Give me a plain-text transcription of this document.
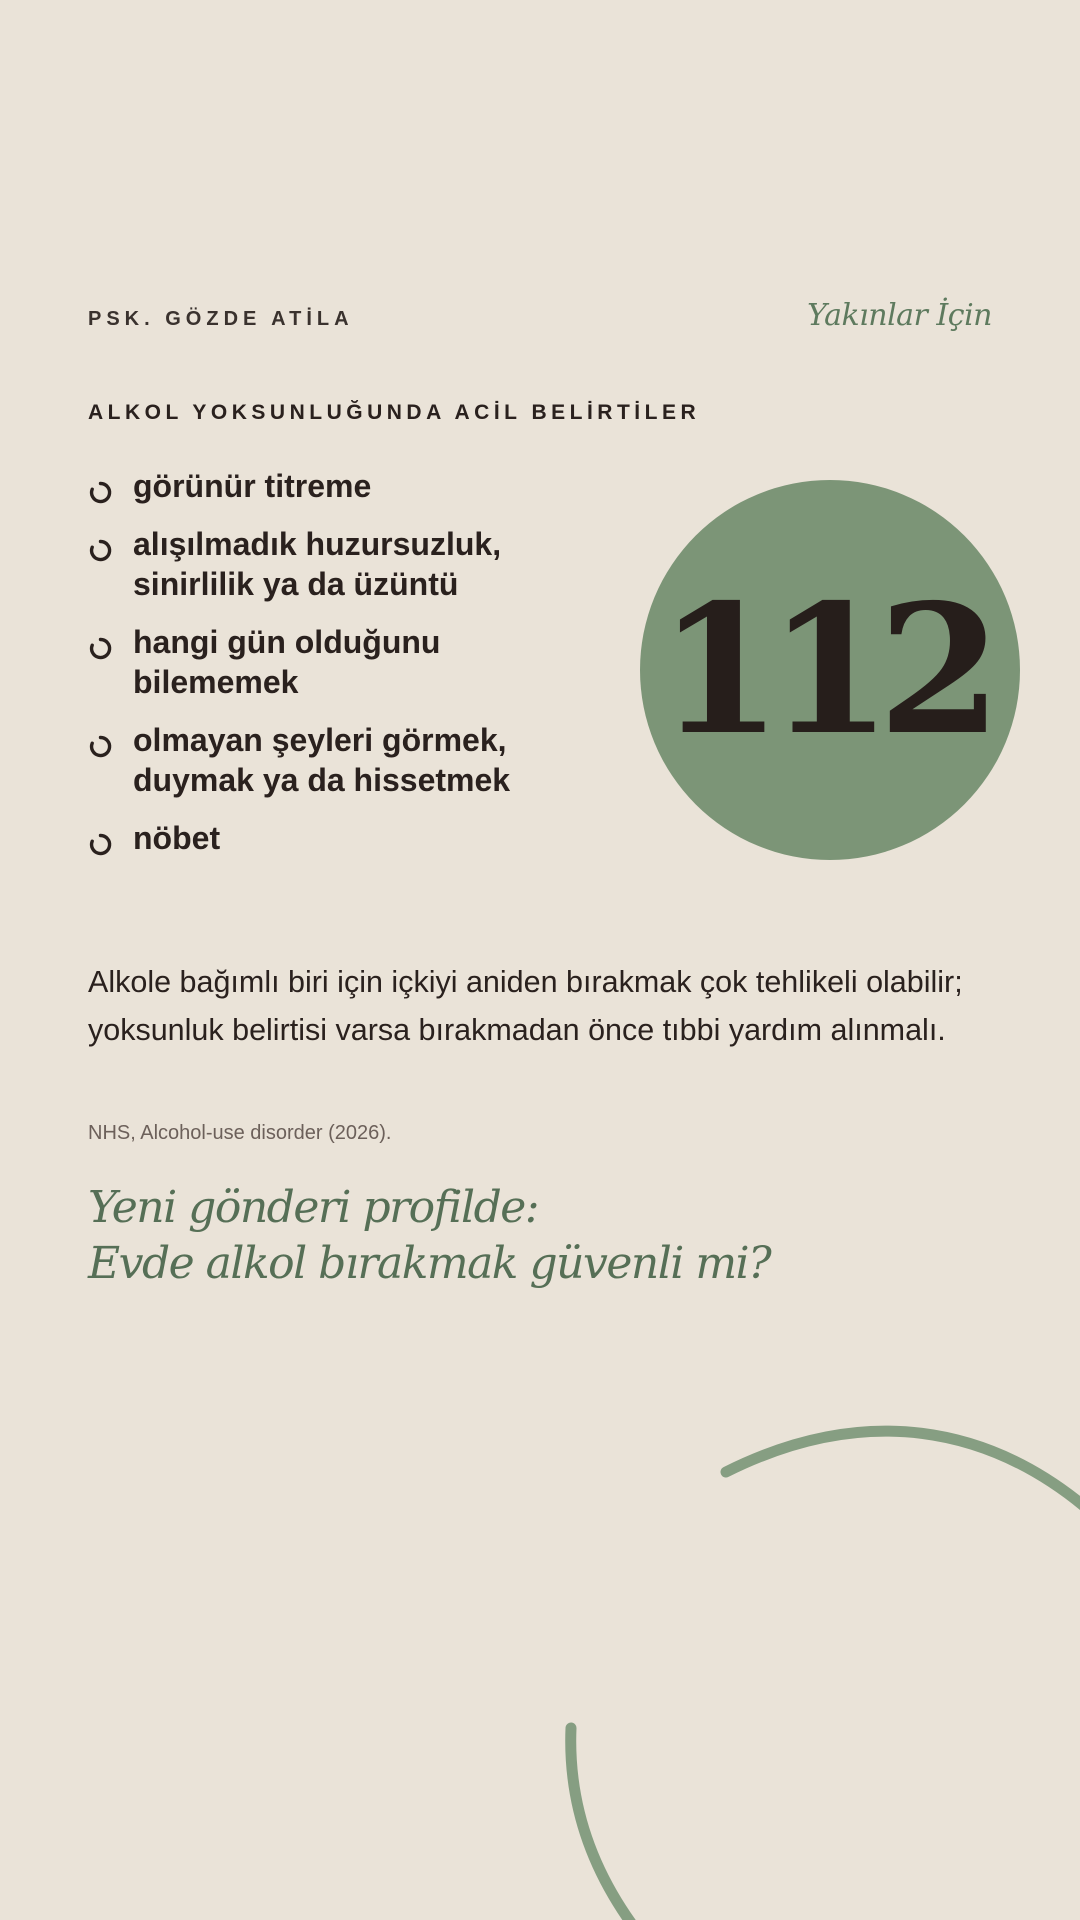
PSK. GÖZDE ATİLA	Yakınlar İçin
ALKOL YOKSUNLUĞUNDA ACİL BELİRTİLER
görünür titreme
alışılmadık huzursuzluk,
sinirlilik ya da üzüntü
hangi gün olduğunu
bilememek
olmayan şeyleri görmek,
duymak ya da hissetmek
nöbet
112

Alkole bağımlı biri için içkiyi aniden bırakmak çok tehlikeli olabilir; yoksunluk belirtisi varsa bırakmadan önce tıbbi yardım alınmalı.

NHS, Alcohol-use disorder (2026).
Yeni gönderi profilde:
Evde alkol bırakmak güvenli mi?
